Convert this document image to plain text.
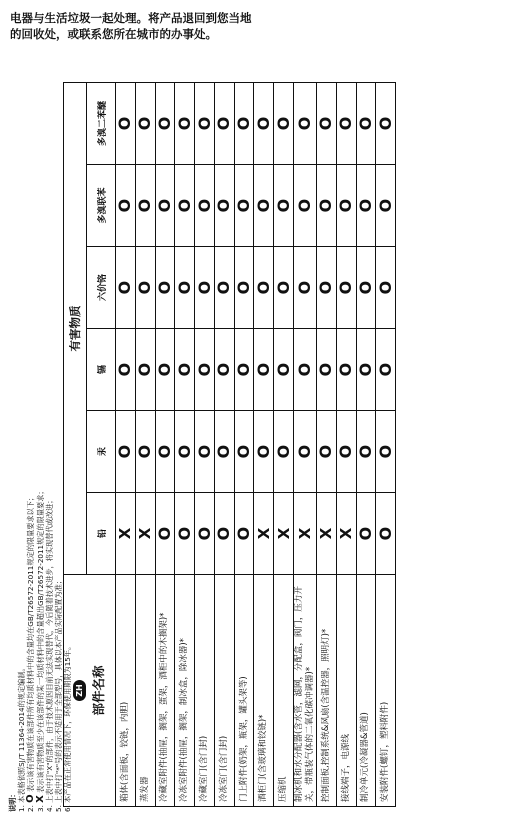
电器与生活垃圾一起处理。将产品退回到您当地的回收处，或联系您所在城市的办事处。
ZH 部件名称	有害物质					
	铅	汞	镉	六价铬	多溴联苯	多溴二苯醚
箱体(含面板，铰链，内胆)	X	O	O	O	O	O
蒸发器	X	O	O	O	O	O
冷藏室附件(抽屉，搁架，蛋架，酒柜中的木搁架)*	O	O	O	O	O	O
冷冻室附件(抽屉，搁架，制冰盒，除冰器)*	O	O	O	O	O	O
冷藏室门(含门封)	O	O	O	O	O	O
冷冻室门(含门封)	O	O	O	O	O	O
门上附件(奶架，瓶架，罐头架等)	O	O	O	O	O	O
酒柜门(含玻璃和铰链)*	X	O	O	O	O	O
压缩机	X	O	O	O	O	O
制冰机和水分配器(含水管，滤网，分配盒，阀门，压力开关，带瓶装气体的二氧化碳冲调器)*	X	O	O	O	O	O
控制面板,控制系统&风扇(含温控器，照明灯)*	X	O	O	O	O	O
接线端子，电源线	X	O	O	O	O	O
制冷单元(冷凝器&管道)	O	O	O	O	O	O
安装附件(螺钉，塑料附件)	O	O	O	O	O	O
说明： 1. 本表格依照SJ/T 11364-2014的规定编制。
2. O 表示该有害物质在该部件所有均质材料中的含量均在GB/T26572-2011规定的限量要求以下；
3. X 表示该有害物质至少在该部件的某一均质材料中的含量超出GB/T26572-2011规定的限量要求；
4. 上表中打"X"的部件，由于技术原因目前无法实现替代，今后随着技术进步，将实现替代或改进；
5. 上表中打"*"号的表示不适用于全部型号，具体以本产品实际配置为准；
6. 本产品在正常使用情况下，环保使用期限为15年。
